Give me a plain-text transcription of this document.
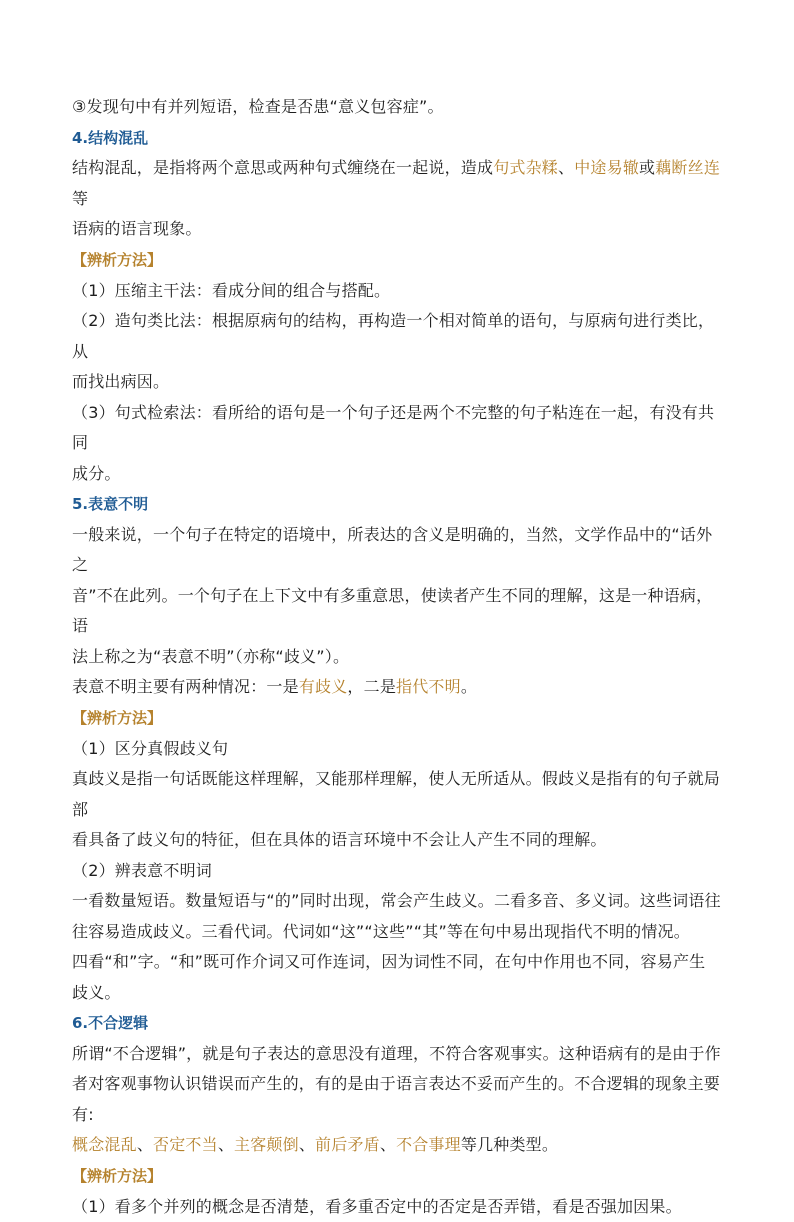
③发现句中有并列短语，检查是否患“意义包容症”。

4.结构混乱

结构混乱，是指将两个意思或两种句式缠绕在一起说，造成句式杂糅、中途易辙或藕断丝连等

语病的语言现象。

【辨析方法】

（1）压缩主干法：看成分间的组合与搭配。

（2）造句类比法：根据原病句的结构，再构造一个相对简单的语句，与原病句进行类比，从

而找出病因。

（3）句式检索法：看所给的语句是一个句子还是两个不完整的句子粘连在一起，有没有共同

成分。

5.表意不明

一般来说，一个句子在特定的语境中，所表达的含义是明确的，当然，文学作品中的“话外之

音”不在此列。一个句子在上下文中有多重意思，使读者产生不同的理解，这是一种语病，语

法上称之为“表意不明”（亦称“歧义”）。

表意不明主要有两种情况：一是有歧义，二是指代不明。

【辨析方法】

（1）区分真假歧义句

真歧义是指一句话既能这样理解，又能那样理解，使人无所适从。假歧义是指有的句子就局部

看具备了歧义句的特征，但在具体的语言环境中不会让人产生不同的理解。

（2）辨表意不明词

一看数量短语。数量短语与“的”同时出现，常会产生歧义。二看多音、多义词。这些词语往

往容易造成歧义。三看代词。代词如“这”“这些”“其”等在句中易出现指代不明的情况。

四看“和”字。“和”既可作介词又可作连词，因为词性不同，在句中作用也不同，容易产生

歧义。

6.不合逻辑

所谓“不合逻辑”，就是句子表达的意思没有道理，不符合客观事实。这种语病有的是由于作

者对客观事物认识错误而产生的，有的是由于语言表达不妥而产生的。不合逻辑的现象主要有:

概念混乱、否定不当、主客颠倒、前后矛盾、不合事理等几种类型。

【辨析方法】

（1）看多个并列的概念是否清楚，看多重否定中的否定是否弄错，看是否强加因果。
